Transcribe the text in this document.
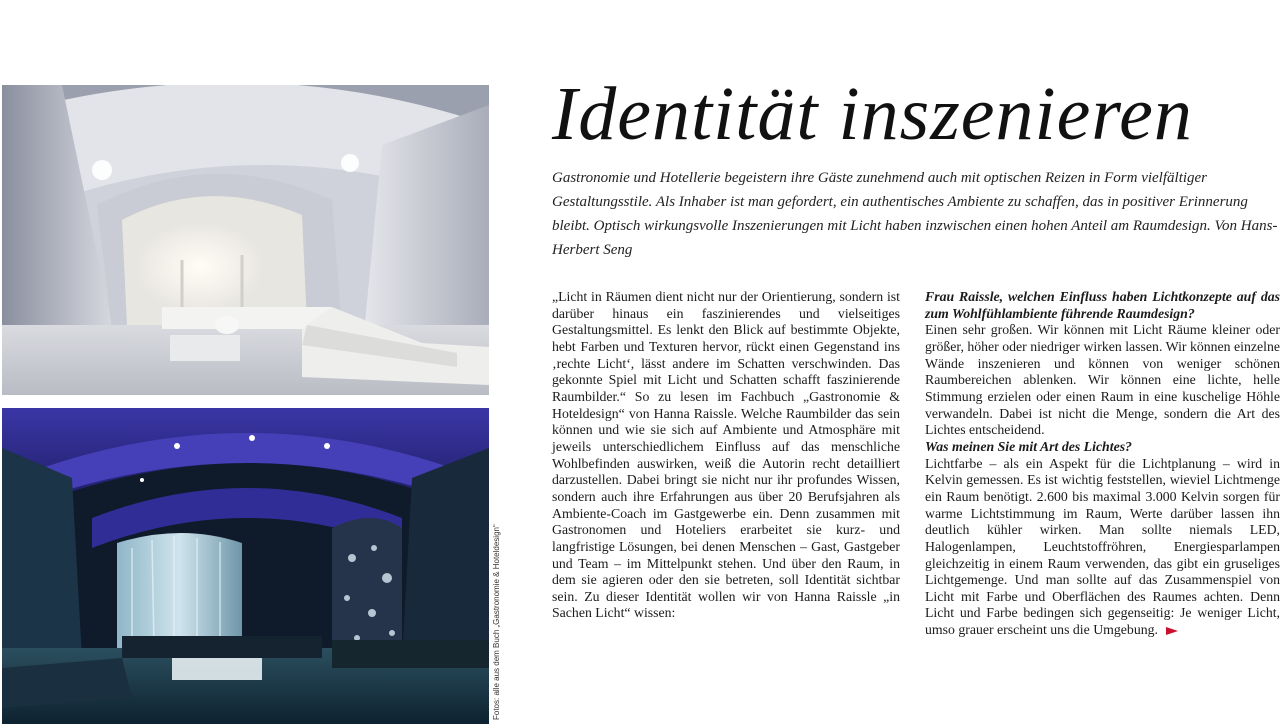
Fotos: alle aus dem Buch „Gastronomie & Hoteldesign“
Identität inszenieren
Gastronomie und Hotellerie begeistern ihre Gäste zunehmend auch mit optischen Reizen in Form vielfältiger Gestaltungsstile. Als Inhaber ist man gefordert, ein authentisches Ambiente zu schaffen, das in positiver Erinnerung bleibt. Optisch wirkungsvolle Inszenierungen mit Licht haben inzwischen einen hohen Anteil am Raumdesign. Von Hans-Herbert Seng

„Licht in Räumen dient nicht nur der Orientierung, sondern ist darüber hinaus ein faszinierendes und vielseitiges Gestaltungsmittel. Es lenkt den Blick auf bestimmte Objekte, hebt Farben und Texturen hervor, rückt einen Gegenstand ins ‚rechte Licht‘, lässt andere im Schatten verschwinden. Das gekonnte Spiel mit Licht und Schatten schafft faszinierende Raumbilder.“ So zu lesen im Fachbuch „Gastronomie & Hoteldesign“ von Hanna Raissle. Welche Raumbilder das sein können und wie sie sich auf Ambiente und Atmosphäre mit jeweils unterschiedlichem Einfluss auf das menschliche Wohlbefinden auswirken, weiß die Autorin recht detailliert darzustellen. Dabei bringt sie nicht nur ihr profundes Wissen, sondern auch ihre Erfahrungen aus über 20 Berufsjahren als Ambiente-Coach im Gastgewerbe ein. Denn zusammen mit Gastronomen und Hoteliers erarbeitet sie kurz- und langfristige Lösungen, bei denen Menschen – Gast, Gastgeber und Team – im Mittelpunkt stehen. Und über den Raum, in dem sie agieren oder den sie betreten, soll Identität sichtbar sein. Zu dieser Identität wollen wir von Hanna Raissle „in Sachen Licht“ wissen:

Frau Raissle, welchen Einfluss haben Lichtkonzepte auf das zum Wohlfühlambiente führende Raumdesign?

Einen sehr großen. Wir können mit Licht Räume kleiner oder größer, höher oder niedriger wirken lassen. Wir können einzelne Wände inszenieren und können von weniger schönen Raumbereichen ablenken. Wir können eine lichte, helle Stimmung erzielen oder einen Raum in eine kuschelige Höhle verwandeln. Dabei ist nicht die Menge, sondern die Art des Lichtes entscheidend.

Was meinen Sie mit Art des Lichtes?

Lichtfarbe – als ein Aspekt für die Lichtplanung – wird in Kelvin gemessen. Es ist wichtig feststellen, wieviel Lichtmenge ein Raum benötigt. 2.600 bis maximal 3.000 Kelvin sorgen für warme Lichtstimmung im Raum, Werte darüber lassen ihn deutlich kühler wirken. Man sollte niemals LED, Halogenlampen, Leuchtstoffröhren, Energiesparlampen gleichzeitig in einem Raum verwenden, das gibt ein gruseliges Lichtgemenge. Und man sollte auf das Zusammenspiel von Licht mit Farbe und Oberflächen des Raumes achten. Denn Licht und Farbe bedingen sich gegenseitig: Je weniger Licht, umso grauer erscheint uns die Umgebung.
